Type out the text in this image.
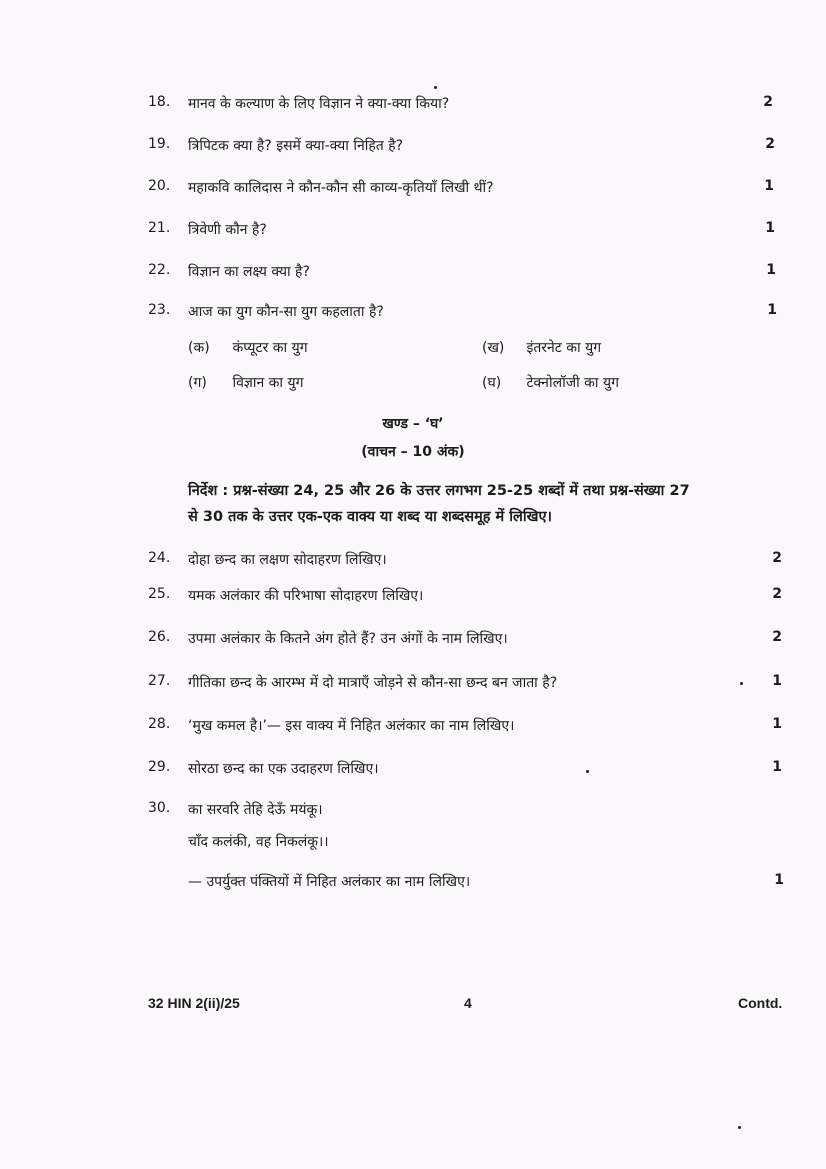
18.	मानव के कल्याण के लिए विज्ञान ने क्या-क्या किया?	2
19.	त्रिपिटक क्या है? इसमें क्या-क्या निहित है?	2
20.	महाकवि कालिदास ने कौन-कौन सी काव्य-कृतियाँ लिखी थीं?	1
21.	त्रिवेणी कौन है?	1
22.	विज्ञान का लक्ष्य क्या है?	1
23.	आज का युग कौन-सा युग कहलाता है?	1
(क) कंप्यूटर का युग	(ख) इंतरनेट का युग
(ग) विज्ञान का युग	(घ) टेक्नोलॉजी का युग
खण्ड – ‘घ’
(वाचन – 10 अंक)
निर्देश : प्रश्न-संख्या 24, 25 और 26 के उत्तर लगभग 25-25 शब्दों में तथा प्रश्न-संख्या 27
से 30 तक के उत्तर एक-एक वाक्य या शब्द या शब्दसमूह में लिखिए।
24.	दोहा छन्द का लक्षण सोदाहरण लिखिए।	2
25.	यमक अलंकार की परिभाषा सोदाहरण लिखिए।	2
26.	उपमा अलंकार के कितने अंग होते हैं? उन अंगों के नाम लिखिए।	2
27.	गीतिका छन्द के आरम्भ में दो मात्राएँ जोड़ने से कौन-सा छन्द बन जाता है?	1
28.	‘मुख कमल है।’— इस वाक्य में निहित अलंकार का नाम लिखिए।	1
29.	सोरठा छन्द का एक उदाहरण लिखिए।	1
30.	का सरवरि तेहि देऊँ मयंकू।
चाँद कलंकी, वह निकलंकू।।
— उपर्युक्त पंक्तियों में निहित अलंकार का नाम लिखिए।	1
32 HIN 2(ii)/25	4	Contd.
